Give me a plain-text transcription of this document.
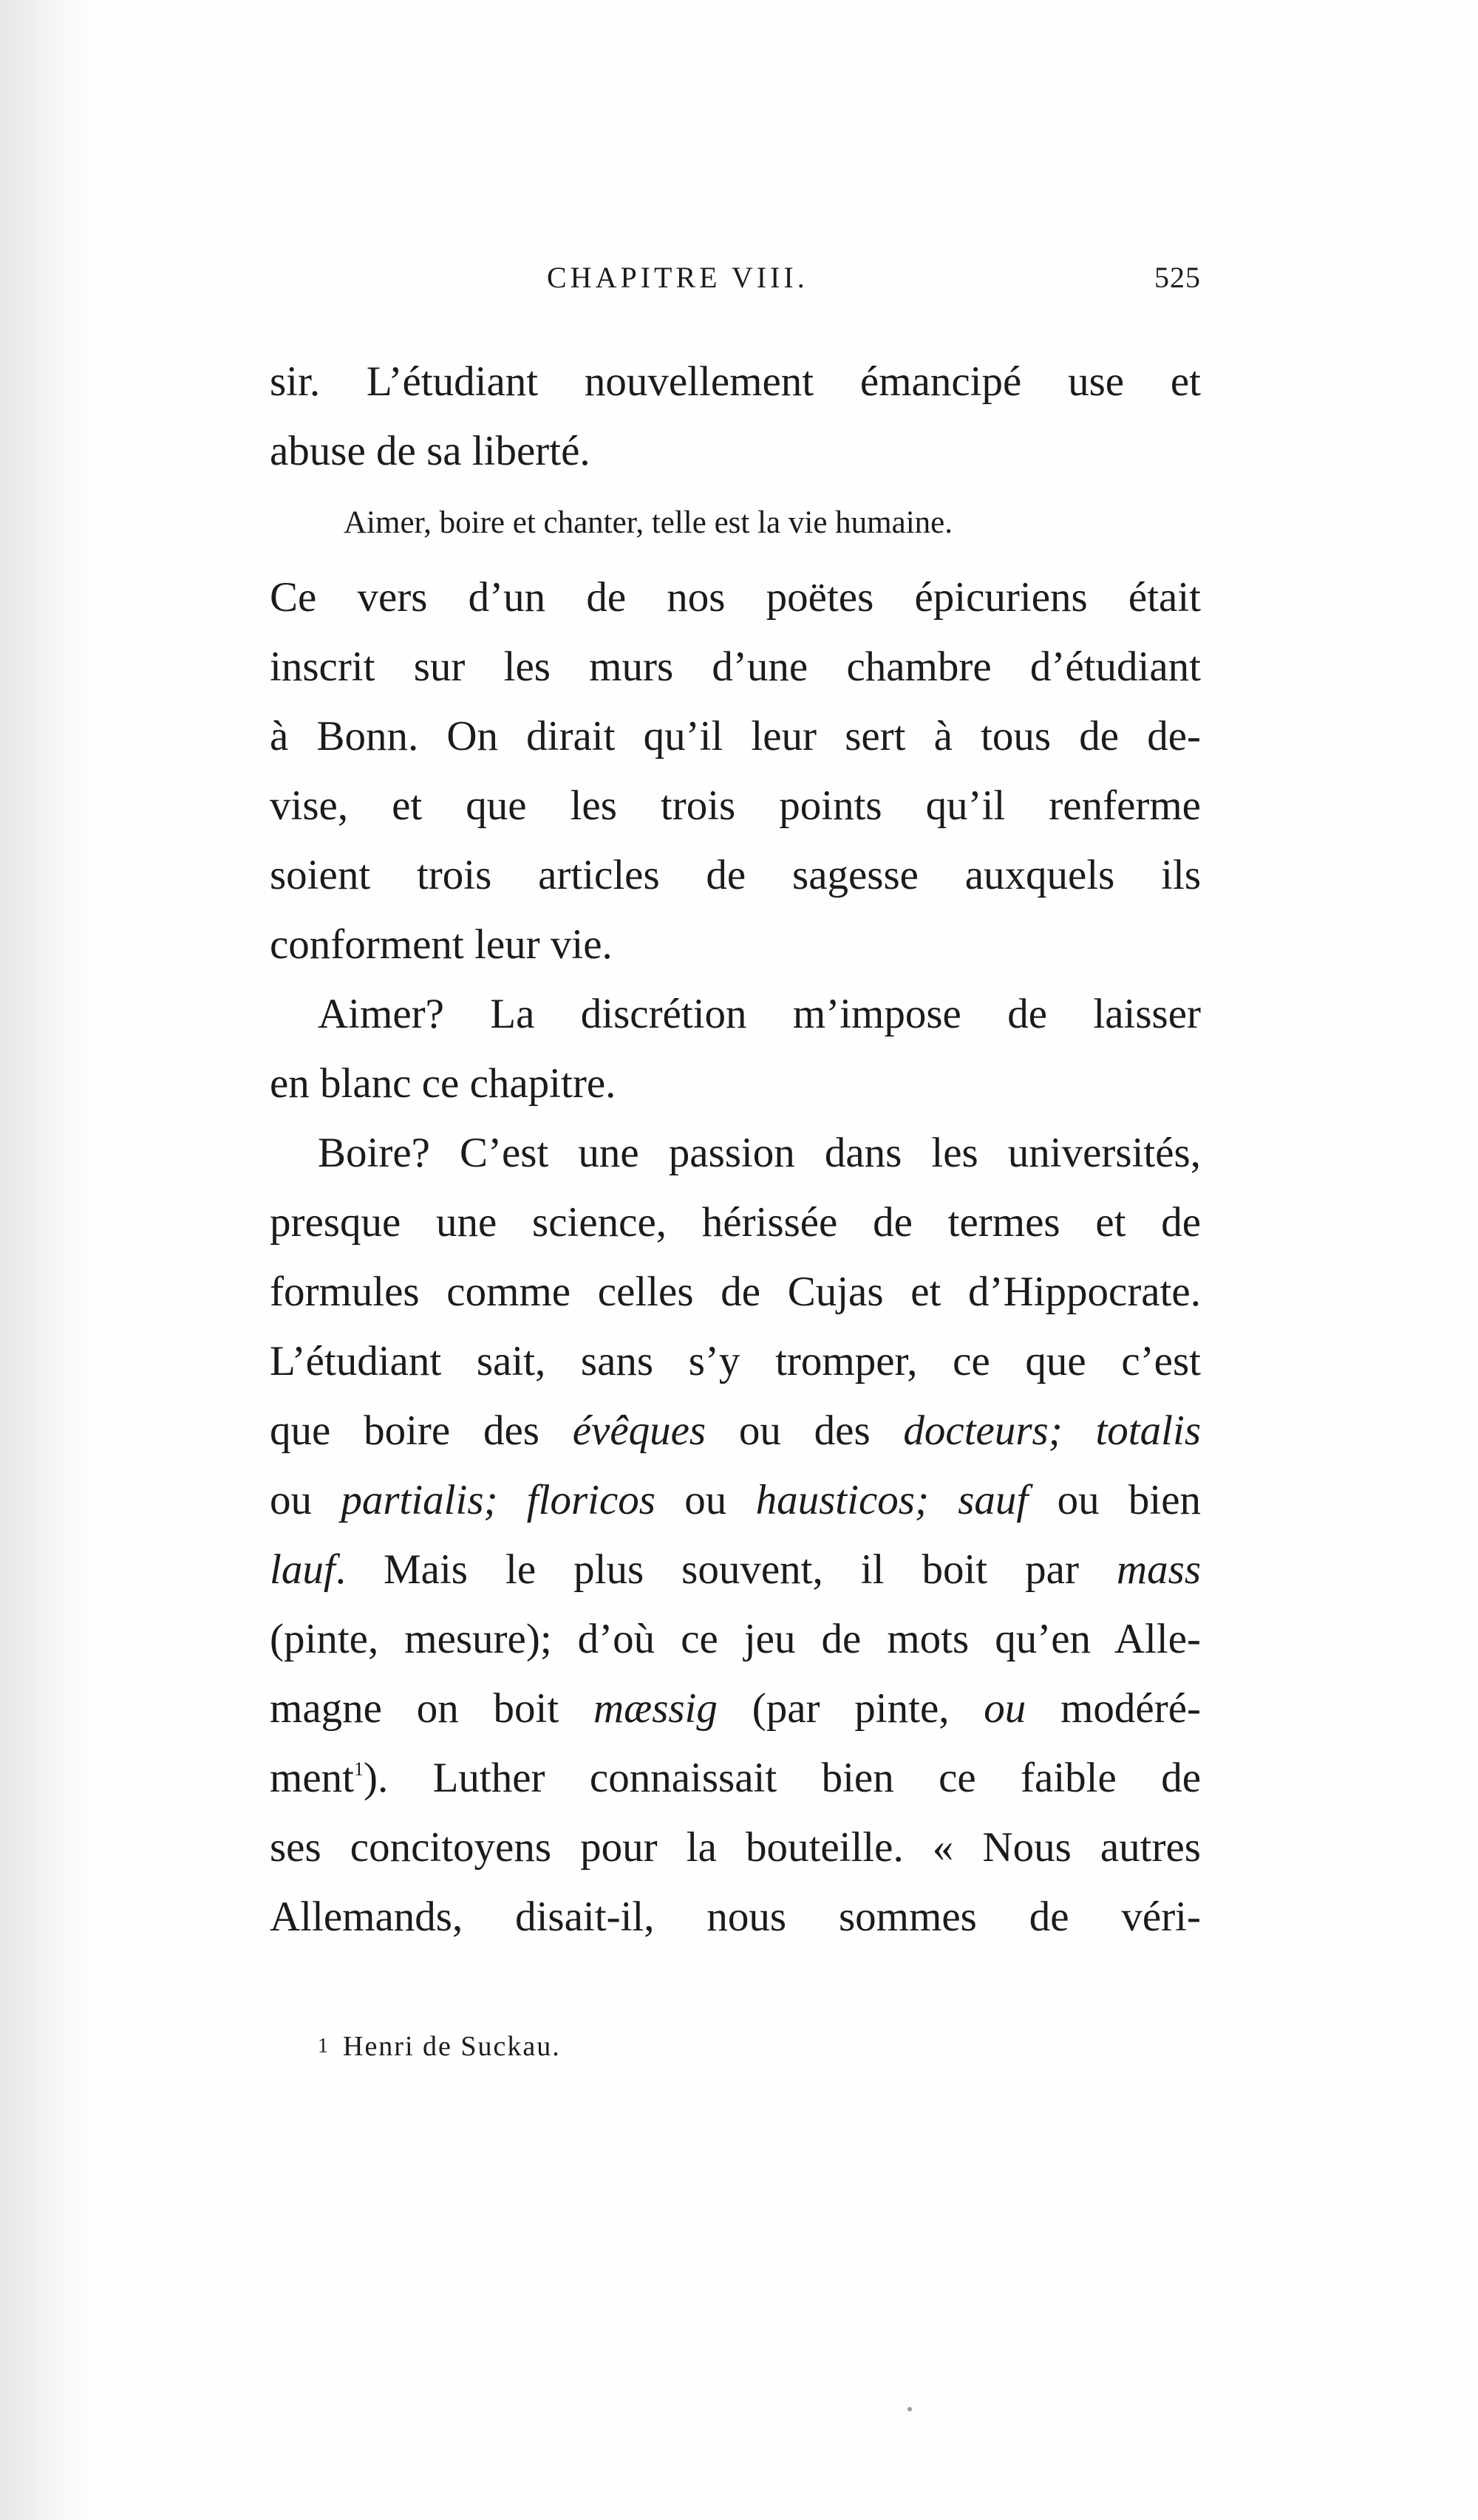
CHAPITRE VIII.	525
sir. L’étudiant nouvellement émancipé use et
abuse de sa liberté.
Aimer, boire et chanter, telle est la vie humaine.
Ce vers d’un de nos poëtes épicuriens était
inscrit sur les murs d’une chambre d’étudiant
à Bonn. On dirait qu’il leur sert à tous de de-
vise, et que les trois points qu’il renferme
soient trois articles de sagesse auxquels ils
conforment leur vie.
Aimer? La discrétion m’impose de laisser
en blanc ce chapitre.
Boire? C’est une passion dans les universités,
presque une science, hérissée de termes et de
formules comme celles de Cujas et d’Hippocrate.
L’étudiant sait, sans s’y tromper, ce que c’est
que boire des évêques ou des docteurs; totalis
ou partialis; floricos ou hausticos; sauf ou bien
lauf. Mais le plus souvent, il boit par mass
(pinte, mesure); d’où ce jeu de mots qu’en Alle-
magne on boit mæssig (par pinte, ou modéré-
ment$^1$). Luther connaissait bien ce faible de
ses concitoyens pour la bouteille. « Nous autres
Allemands, disait-il, nous sommes de véri-
1 Henri de Suckau.
